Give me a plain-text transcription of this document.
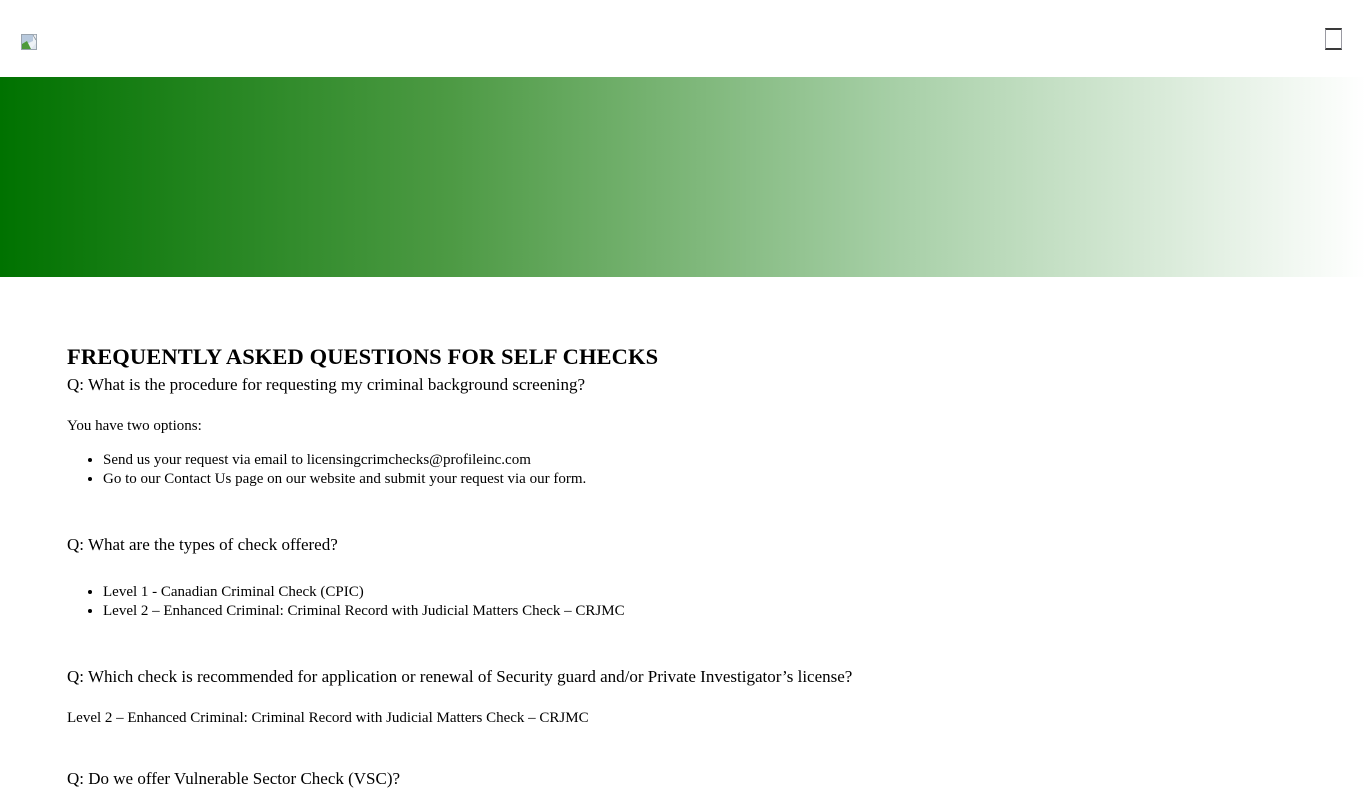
FREQUENTLY ASKED QUESTIONS FOR SELF CHECKS

Q: What is the procedure for requesting my criminal background screening?

You have two options:

• Send us your request via email to licensingcrimchecks@profileinc.com
• Go to our Contact Us page on our website and submit your request via our form.

Q: What are the types of check offered?

• Level 1 - Canadian Criminal Check (CPIC)
• Level 2 – Enhanced Criminal: Criminal Record with Judicial Matters Check – CRJMC

Q: Which check is recommended for application or renewal of Security guard and/or Private Investigator’s license?

Level 2 – Enhanced Criminal: Criminal Record with Judicial Matters Check – CRJMC

Q: Do we offer Vulnerable Sector Check (VSC)?
